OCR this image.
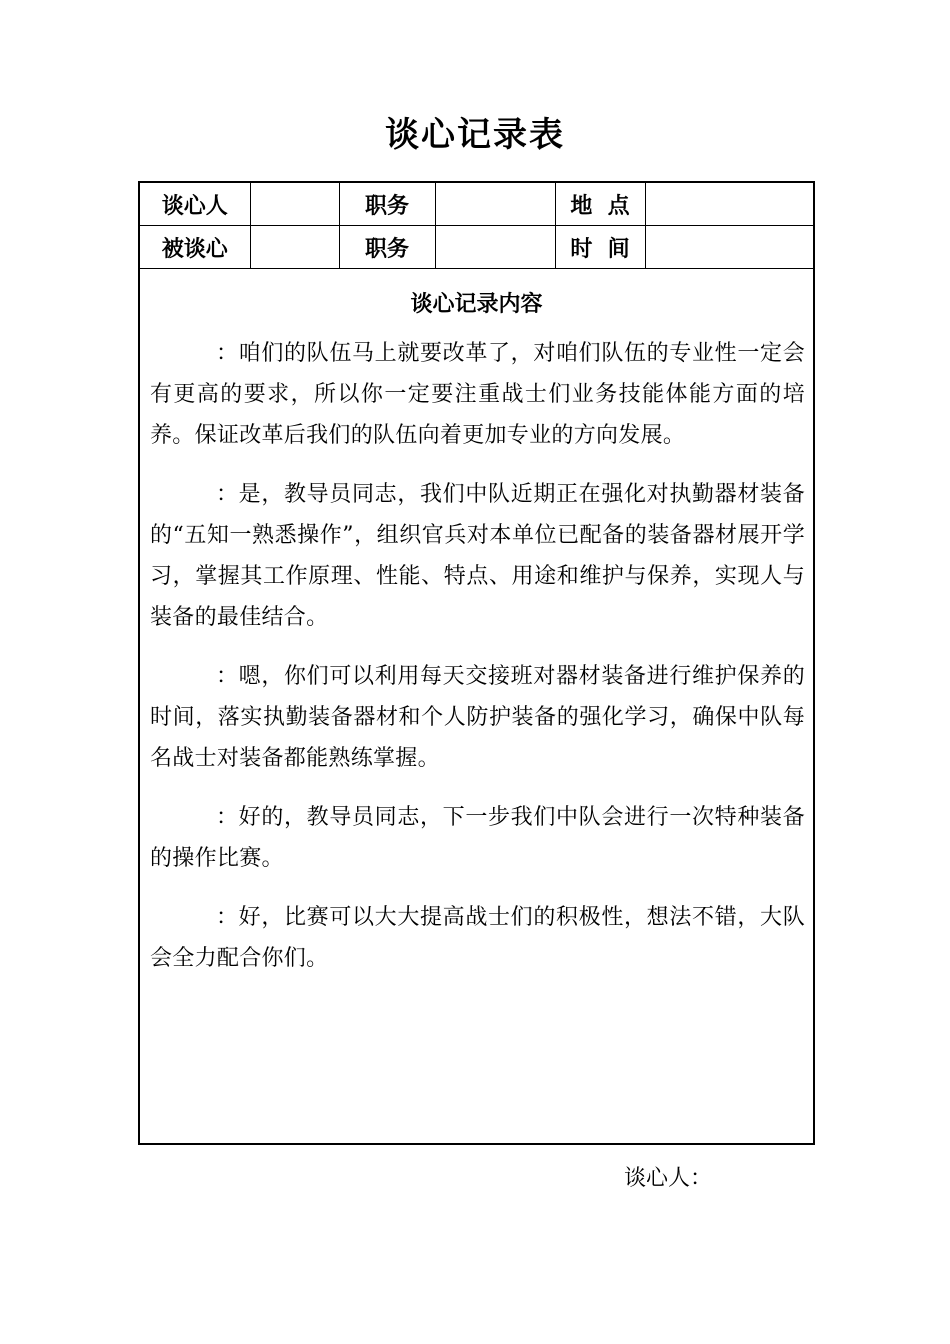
谈心记录表
谈心人		职务		地  点	
被谈心		职务		时  间	
谈心记录内容

：咱们的队伍马上就要改革了，对咱们队伍的专业性一定会有更高的要求，所以你一定要注重战士们业务技能体能方面的培养。保证改革后我们的队伍向着更加专业的方向发展。

：是，教导员同志，我们中队近期正在强化对执勤器材装备的“五知一熟悉操作”，组织官兵对本单位已配备的装备器材展开学习，掌握其工作原理、性能、特点、用途和维护与保养，实现人与装备的最佳结合。

：嗯，你们可以利用每天交接班对器材装备进行维护保养的时间，落实执勤装备器材和个人防护装备的强化学习，确保中队每名战士对装备都能熟练掌握。

：好的，教导员同志，下一步我们中队会进行一次特种装备的操作比赛。

：好，比赛可以大大提高战士们的积极性，想法不错，大队会全力配合你们。

谈心人：
